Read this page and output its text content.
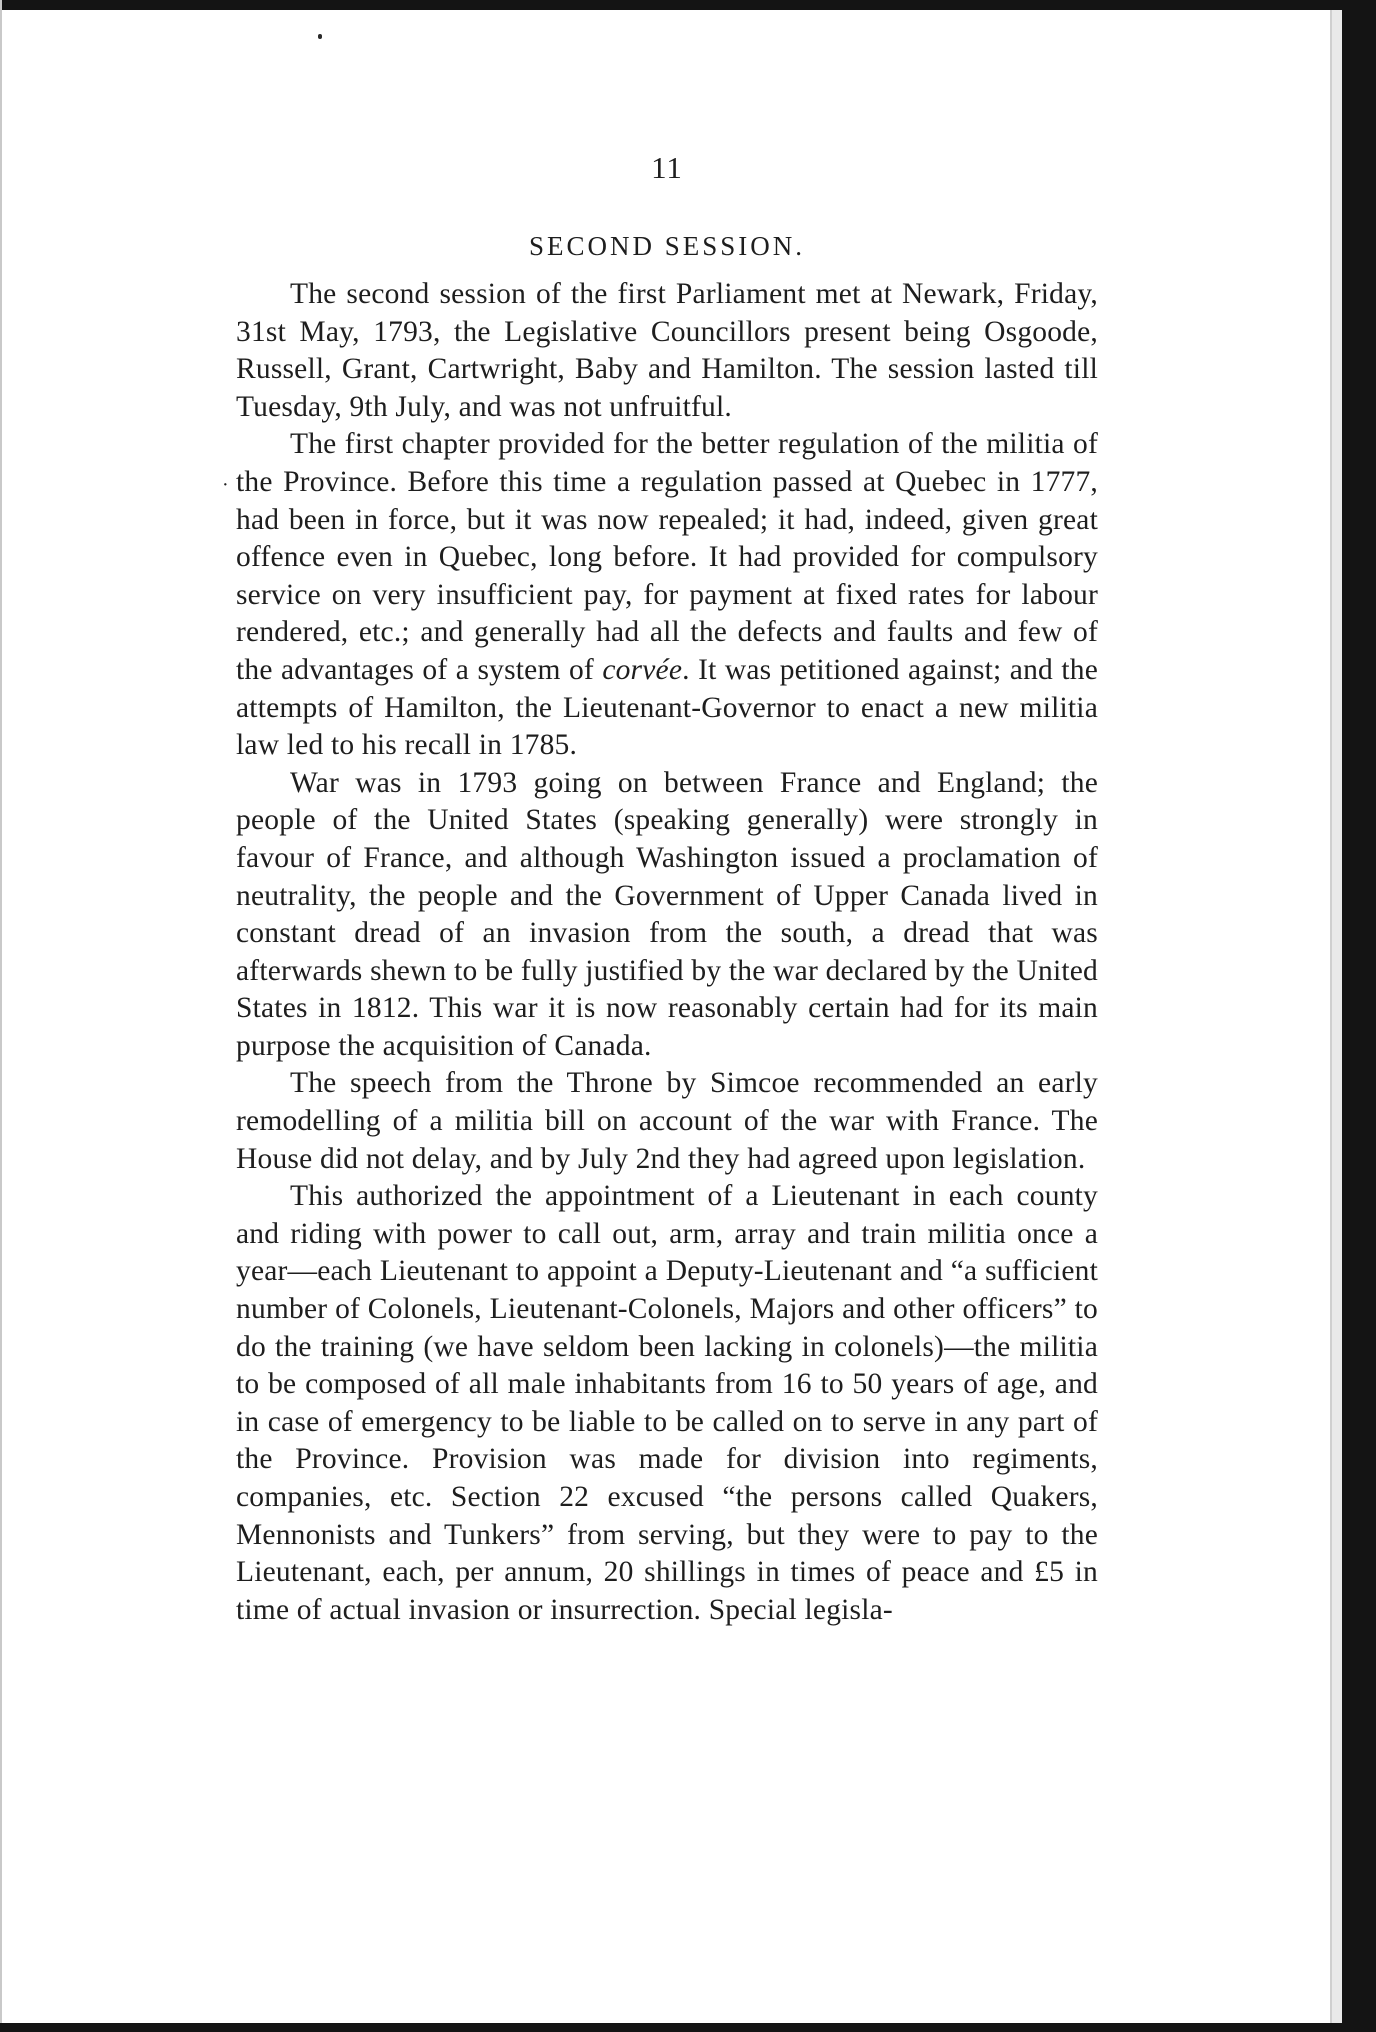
·
11
SECOND SESSION.

The second session of the first Parliament met at Newark, Friday, 31st May, 1793, the Legislative Councillors present being Osgoode, Russell, Grant, Cartwright, Baby and Hamilton. The session lasted till Tuesday, 9th July, and was not unfruitful.

The first chapter provided for the better regulation of the militia of the Province. Before this time a regulation passed at Quebec in 1777, had been in force, but it was now repealed; it had, indeed, given great offence even in Quebec, long before. It had provided for compulsory service on very insufficient pay, for payment at fixed rates for labour rendered, etc.; and generally had all the defects and faults and few of the advantages of a system of corvée. It was petitioned against; and the attempts of Hamilton, the Lieutenant-Governor to enact a new militia law led to his recall in 1785.

War was in 1793 going on between France and England; the people of the United States (speaking generally) were strongly in favour of France, and although Washington issued a proclamation of neutrality, the people and the Government of Upper Canada lived in constant dread of an invasion from the south, a dread that was afterwards shewn to be fully justified by the war declared by the United States in 1812. This war it is now reasonably certain had for its main purpose the acquisition of Canada.

The speech from the Throne by Simcoe recommended an early remodelling of a militia bill on account of the war with France. The House did not delay, and by July 2nd they had agreed upon legislation.

This authorized the appointment of a Lieutenant in each county and riding with power to call out, arm, array and train militia once a year—each Lieutenant to appoint a Deputy-Lieutenant and “a sufficient number of Colonels, Lieutenant-Colonels, Majors and other officers” to do the training (we have seldom been lacking in colonels)—the militia to be composed of all male inhabitants from 16 to 50 years of age, and in case of emergency to be liable to be called on to serve in any part of the Province. Provision was made for division into regiments, companies, etc. Section 22 excused “the persons called Quakers, Mennonists and Tunkers” from serving, but they were to pay to the Lieutenant, each, per annum, 20 shillings in times of peace and £5 in time of actual invasion or insurrection. Special legisla-
